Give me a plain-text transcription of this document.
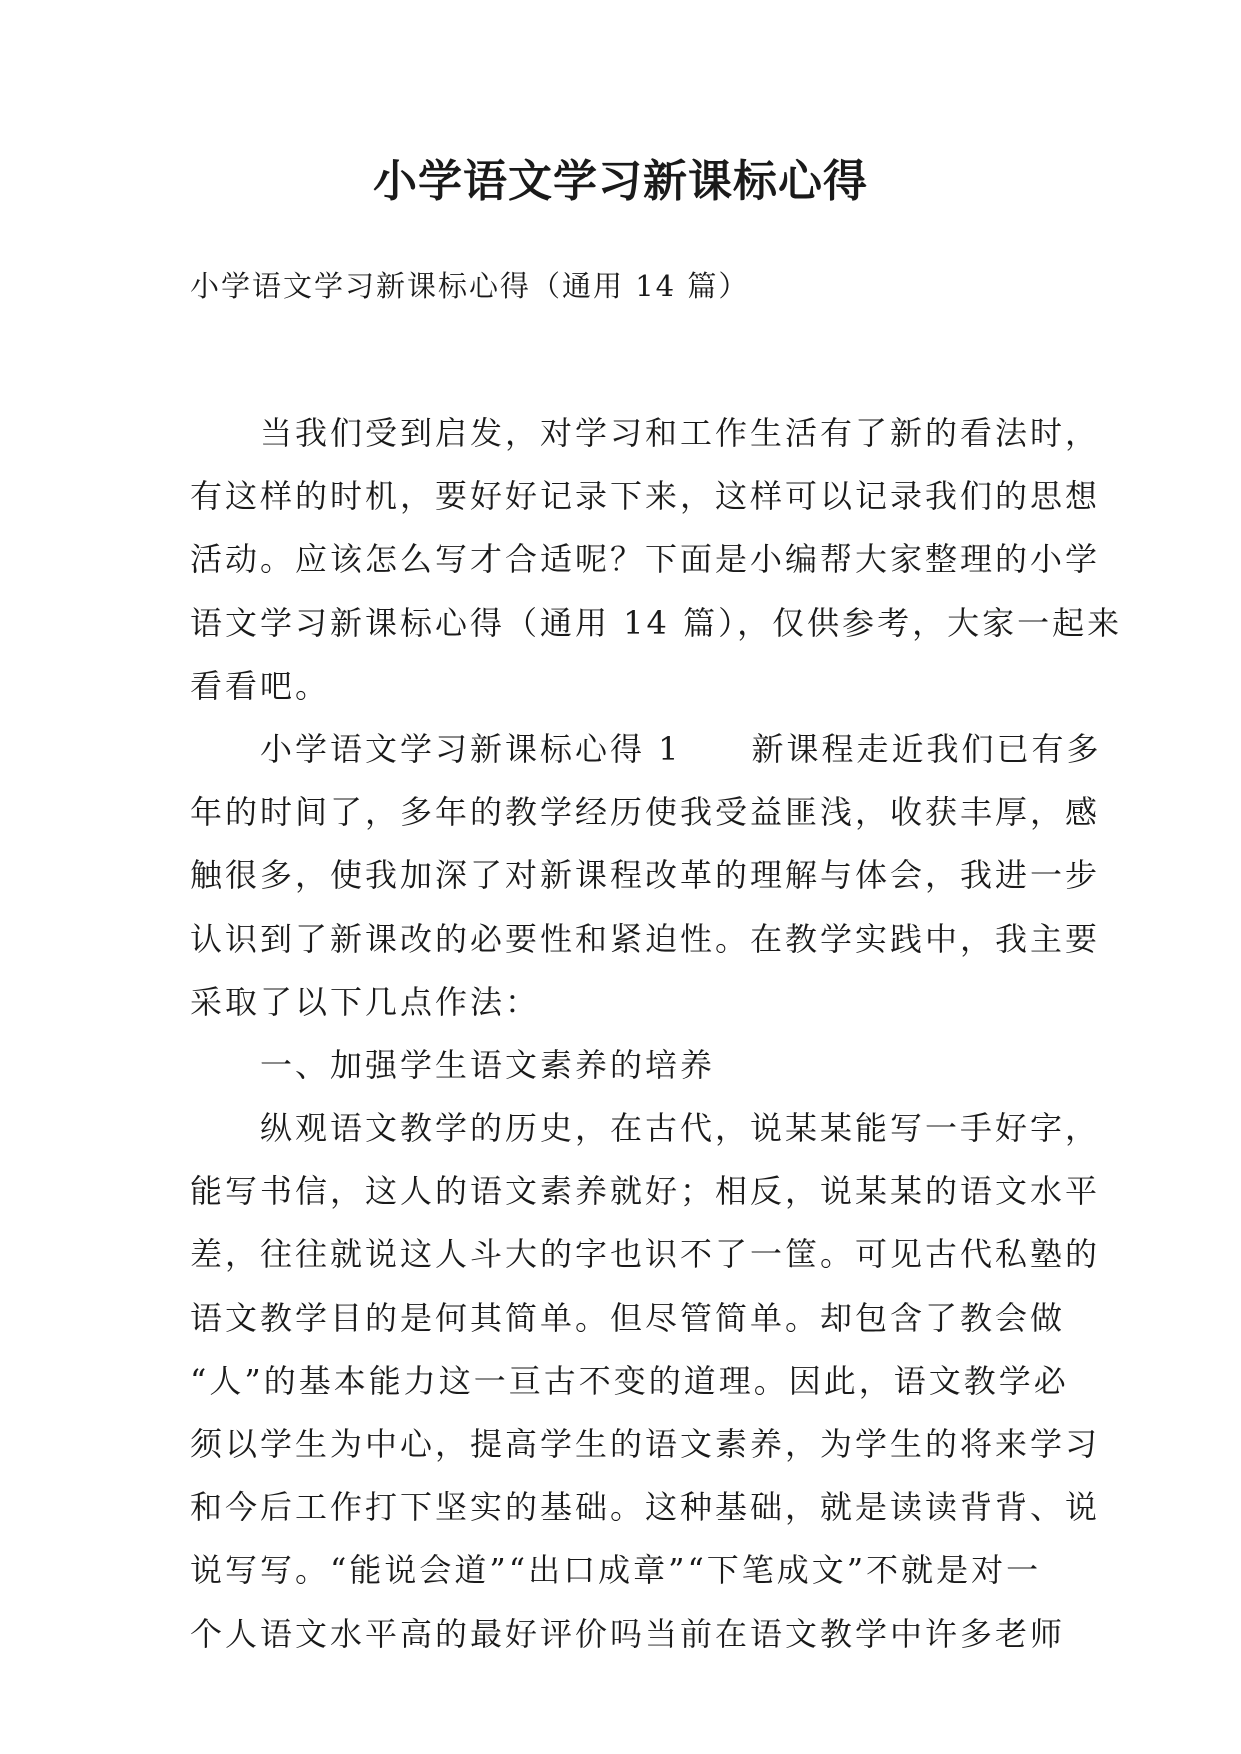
小学语文学习新课标心得

小学语文学习新课标心得（通用 14 篇）

　　当我们受到启发，对学习和工作生活有了新的看法时，
有这样的时机，要好好记录下来，这样可以记录我们的思想
活动。应该怎么写才合适呢？下面是小编帮大家整理的小学
语文学习新课标心得（通用 14 篇），仅供参考，大家一起来
看看吧。
　　小学语文学习新课标心得 1　　新课程走近我们已有多
年的时间了，多年的教学经历使我受益匪浅，收获丰厚，感
触很多，使我加深了对新课程改革的理解与体会，我进一步
认识到了新课改的必要性和紧迫性。在教学实践中，我主要
采取了以下几点作法：
　　一、加强学生语文素养的培养
　　纵观语文教学的历史，在古代，说某某能写一手好字，
能写书信，这人的语文素养就好；相反，说某某的语文水平
差，往往就说这人斗大的字也识不了一筐。可见古代私塾的
语文教学目的是何其简单。但尽管简单。却包含了教会做
“人”的基本能力这一亘古不变的道理。因此，语文教学必
须以学生为中心，提高学生的语文素养，为学生的将来学习
和今后工作打下坚实的基础。这种基础，就是读读背背、说
说写写。“能说会道”“出口成章”“下笔成文”不就是对一
个人语文水平高的最好评价吗当前在语文教学中许多老师
